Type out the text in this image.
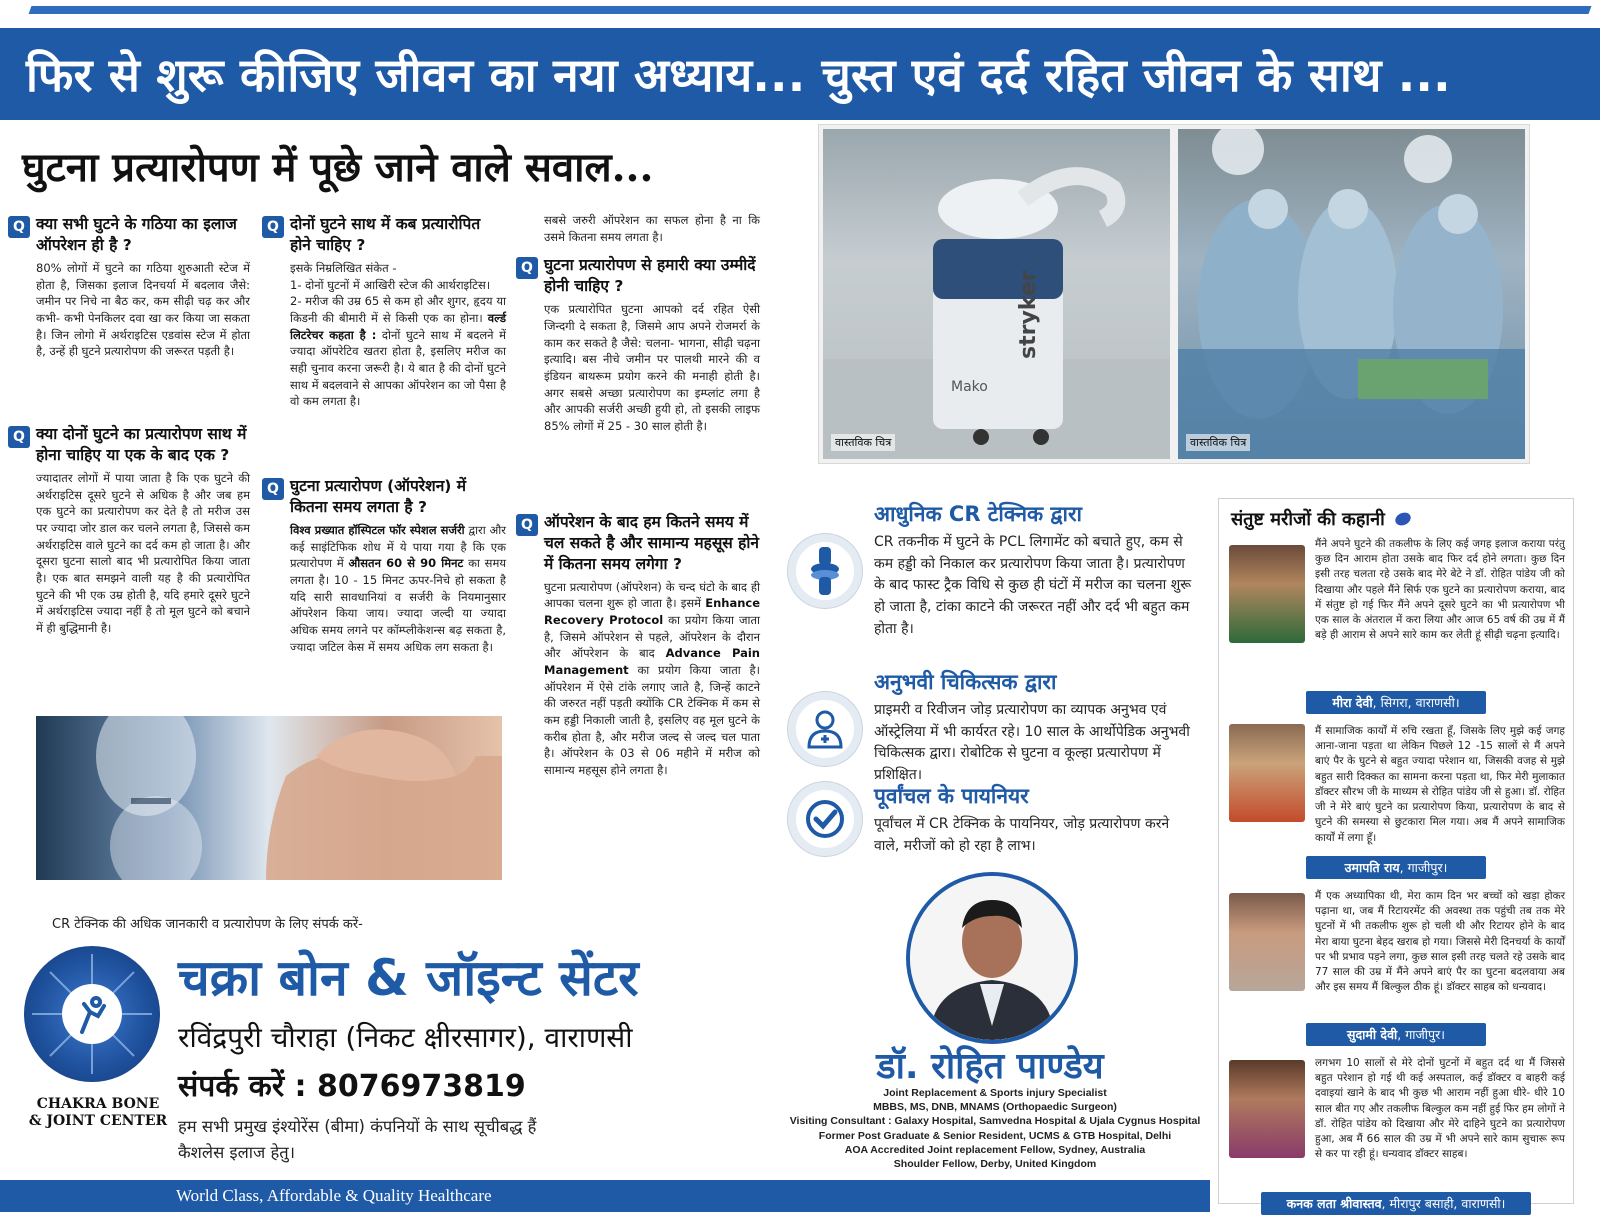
फिर से शुरू कीजिए जीवन का नया अध्याय... चुस्त एवं दर्द रहित जीवन के साथ ...
घुटना प्रत्यारोपण में पूछे जाने वाले सवाल...
Q क्या सभी घुटने के गठिया का इलाज ऑपरेशन ही है ?
80% लोगों में घुटने का गठिया शुरुआती स्टेज में होता है, जिसका इलाज दिनचर्या में बदलाव जैसे: जमीन पर निचे ना बैठ कर, कम सीढ़ी चढ़ कर और कभी- कभी पेनकिलर दवा खा कर किया जा सकता है। जिन लोगो में अर्थराइटिस एडवांस स्टेज में होता है, उन्हें ही घुटने प्रत्यारोपण की जरूरत पड़ती है।
Q क्या दोनों घुटने का प्रत्यारोपण साथ में होना चाहिए या एक के बाद एक ?
ज्यादातर लोगों में पाया जाता है कि एक घुटने की अर्थराइटिस दूसरे घुटने से अधिक है और जब हम एक घुटने का प्रत्यारोपण कर देते है तो मरीज उस पर ज्यादा जोर डाल कर चलने लगता है, जिससे कम अर्थराइटिस वाले घुटने का दर्द कम हो जाता है। और दूसरा घुटना सालो बाद भी प्रत्यारोपित किया जाता है। एक बात समझने वाली यह है की प्रत्यारोपित घुटने की भी एक उम्र होती है, यदि हमारे दूसरे घुटने में अर्थराइटिस ज्यादा नहीं है तो मूल घुटने को बचाने में ही बुद्धिमानी है।
Q दोनों घुटने साथ में कब प्रत्यारोपित होने चाहिए ?
इसके निम्रलिखित संकेत -
1- दोनों घुटनों में आखिरी स्टेज की आर्थराइटिस।
2- मरीज की उम्र 65 से कम हो और शुगर, हृदय या किडनी की बीमारी में से किसी एक का होना। वर्ल्ड लिटरेचर कहता है : दोनों घुटने साथ में बदलने में ज्यादा ऑपरेटिव खतरा होता है, इसलिए मरीज का सही चुनाव करना जरूरी है। ये बात है की दोनों घुटने साथ में बदलवाने से आपका ऑपरेशन का जो पैसा है वो कम लगता है।
Q घुटना प्रत्यारोपण (ऑपरेशन) में कितना समय लगता है ?
विश्व प्रख्यात हॉस्पिटल फॉर स्पेशल सर्जरी द्वारा और कई साइंटिफिक शोध में ये पाया गया है कि एक प्रत्यारोपण में औसतन 60 से 90 मिनट का समय लगता है। 10 - 15 मिनट ऊपर-निचे हो सकता है यदि सारी सावधानियां व सर्जरी के नियमानुसार ऑपरेशन किया जाय। ज्यादा जल्दी या ज्यादा अधिक समय लगने पर कॉम्प्लीकेशन्स बढ़ सकता है, ज्यादा जटिल केस में समय अधिक लग सकता है।
सबसे जरुरी ऑपरेशन का सफल होना है ना कि उसमे कितना समय लगता है।
Q घुटना प्रत्यारोपण से हमारी क्या उम्मीदें होनी चाहिए ?
एक प्रत्यारोपित घुटना आपको दर्द रहित ऐसी जिन्दगी दे सकता है, जिसमे आप अपने रोजमर्रा के काम कर सकते है जैसे: चलना- भागना, सीढ़ी चढ़ना इत्यादि। बस नीचे जमीन पर पालथी मारने की व इंडियन बाथरूम प्रयोग करने की मनाही होती है। अगर सबसे अच्छा प्रत्यारोपण का इम्प्लांट लगा है और आपकी सर्जरी अच्छी हुयी हो, तो इसकी लाइफ 85% लोगों में 25 - 30 साल होती है।
Q ऑपरेशन के बाद हम कितने समय में चल सकते है और सामान्य महसूस होने में कितना समय लगेगा ?
घुटना प्रत्यारोपण (ऑपरेशन) के चन्द घंटो के बाद ही आपका चलना शुरू हो जाता है। इसमें Enhance Recovery Protocol का प्रयोग किया जाता है, जिसमे ऑपरेशन से पहले, ऑपरेशन के दौरान और ऑपरेशन के बाद Advance Pain Management का प्रयोग किया जाता है। ऑपरेशन में ऐसे टांके लगाए जाते है, जिन्हें काटने की जरुरत नहीं पड़ती क्योंकि CR टेक्निक में कम से कम हड्डी निकाली जाती है, इसलिए वह मूल घुटने के करीब होता है, और मरीज जल्द से जल्द चल पाता है। ऑपरेशन के 03 से 06 महीने में मरीज को सामान्य महसूस होने लगता है।
stryker
Mako
वास्तविक चित्र	वास्तविक चित्र
आधुनिक CR टेक्निक द्वारा
CR तकनीक में घुटने के PCL लिगामेंट को बचाते हुए, कम से कम हड्डी को निकाल कर प्रत्यारोपण किया जाता है। प्रत्यारोपण के बाद फास्ट ट्रैक विधि से कुछ ही घंटों में मरीज का चलना शुरू हो जाता है, टांका काटने की जरूरत नहीं और दर्द भी बहुत कम होता है।
अनुभवी चिकित्सक द्वारा
प्राइमरी व रिवीजन जोड़ प्रत्यारोपण का व्यापक अनुभव एवं ऑस्ट्रेलिया में भी कार्यरत रहे। 10 साल के आर्थोपेडिक अनुभवी चिकित्सक द्वारा। रोबोटिक से घुटना व कूल्हा प्रत्यारोपण में प्रशिक्षित।
पूर्वांचल के पायनियर
पूर्वांचल में CR टेक्निक के पायनियर, जोड़ प्रत्यारोपण करने वाले, मरीजों को हो रहा है लाभ।
डॉ. रोहित पाण्डेय
Joint Replacement & Sports injury Specialist
MBBS, MS, DNB, MNAMS (Orthopaedic Surgeon)
Visiting Consultant : Galaxy Hospital, Samvedna Hospital & Ujala Cygnus Hospital
Former Post Graduate & Senior Resident, UCMS & GTB Hospital, Delhi
AOA Accredited Joint replacement Fellow, Sydney, Australia
Shoulder Fellow, Derby, United Kingdom
संतुष्ट मरीजों की कहानी
मैंने अपने घुटने की तकलीफ के लिए कई जगह इलाज कराया परंतु कुछ दिन आराम होता उसके बाद फिर दर्द होने लगता। कुछ दिन इसी तरह चलता रहे उसके बाद मेरे बेटे ने डॉ. रोहित पांडेय जी को दिखाया और पहले मैंने सिर्फ एक घुटने का प्रत्यारोपण कराया, बाद में संतुष्ट हो गई फिर मैंने अपने दूसरे घुटने का भी प्रत्यारोपण भी एक साल के अंतराल में करा लिया और आज 65 वर्ष की उम्र में मैं बड़े ही आराम से अपने सारे काम कर लेती हूं सीढ़ी चढ़ना इत्यादि।
मीरा देवी, सिगरा, वाराणसी।
मैं सामाजिक कार्यों में रुचि रखता हूँ, जिसके लिए मुझे कई जगह आना-जाना पड़ता था लेकिन पिछले 12 -15 सालों से मैं अपने बाएं पैर के घुटने से बहुत ज्यादा परेशान था, जिसकी वजह से मुझे बहुत सारी दिक्कत का सामना करना पड़ता था, फिर मेरी मुलाकात डॉक्टर सौरभ जी के माध्यम से रोहित पांडेय जी से हुआ। डॉ. रोहित जी ने मेरे बाएं घुटने का प्रत्यारोपण किया, प्रत्यारोपण के बाद से घुटने की समस्या से छुटकारा मिल गया। अब मैं अपने सामाजिक कार्यों में लगा हूँ।
उमापति राय, गाजीपुर।
मैं एक अध्यापिका थी, मेरा काम दिन भर बच्चों को खड़ा होकर पढ़ाना था, जब मैं रिटायरमेंट की अवस्था तक पहुंची तब तक मेरे घुटनों में भी तकलीफ शुरू हो चली थी और रिटायर होने के बाद मेरा बाया घुटना बेहद खराब हो गया। जिससे मेरी दिनचर्या के कार्यों पर भी प्रभाव पड़ने लगा, कुछ साल इसी तरह चलते रहे उसके बाद 77 साल की उम्र में मैंने अपने बाएं पैर का घुटना बदलवाया अब और इस समय मैं बिल्कुल ठीक हूं। डॉक्टर साहब को धन्यवाद।
सुदामी देवी, गाजीपुर।
लगभग 10 सालों से मेरे दोनों घुटनों में बहुत दर्द था मैं जिससे बहुत परेशान हो गई थी कई अस्पताल, कई डॉक्टर व बाहरी कई दवाइयां खाने के बाद भी कुछ भी आराम नहीं हुआ धीरे- धीरे 10 साल बीत गए और तकलीफ बिल्कुल कम नहीं हुई फिर हम लोगों ने डॉ. रोहित पांडेय को दिखाया और मेरे दाहिने घुटने का प्रत्यारोपण हुआ, अब मैं 66 साल की उम्र में भी अपने सारे काम सुचारू रूप से कर पा रही हूं। धन्यवाद डॉक्टर साहब।
कनक लता श्रीवास्तव, मीरापुर बसाही, वाराणसी।
CR टेक्निक की अधिक जानकारी व प्रत्यारोपण के लिए संपर्क करें-
CHAKRA BONE
& JOINT CENTER
चक्रा बोन & जॉइन्ट सेंटर
रविंद्रपुरी चौराहा (निकट क्षीरसागर), वाराणसी
संपर्क करें : 8076973819
हम सभी प्रमुख इंश्योरेंस (बीमा) कंपनियों के साथ सूचीबद्ध हैं कैशलेस इलाज हेतु।
World Class, Affordable & Quality Healthcare
